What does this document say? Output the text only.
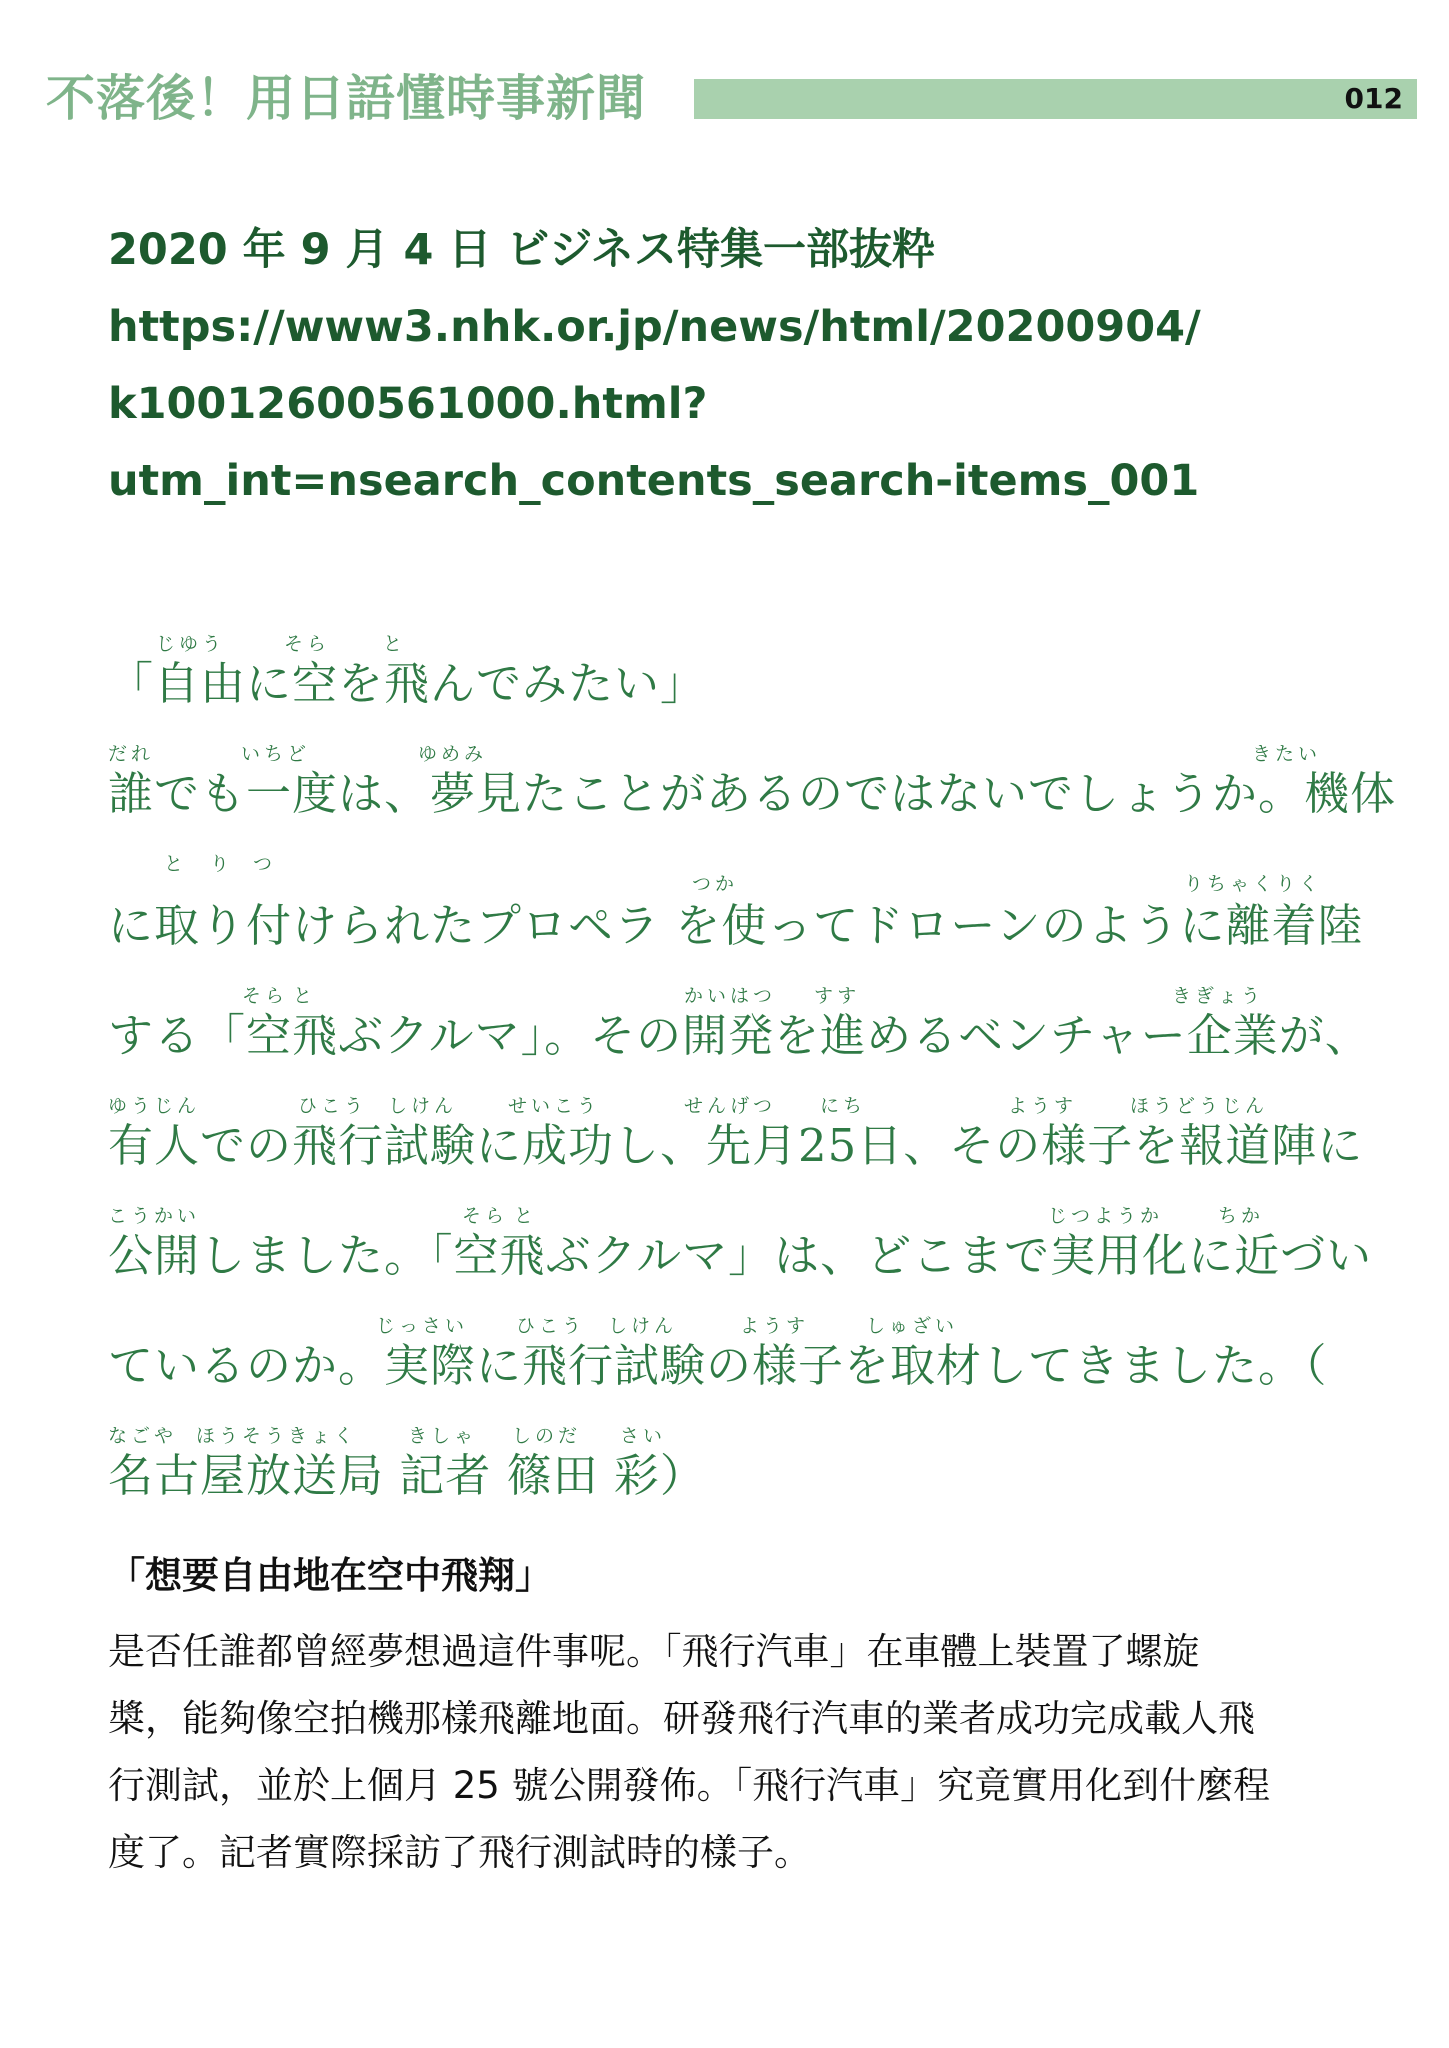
不落後！用日語懂時事新聞	012
2020 年 9 月 4 日 ビジネス特集一部抜粋
https://www3.nhk.or.jp/news/html/20200904/
k10012600561000.html?
utm_int=nsearch_contents_search-items_001
じゆう	そら	と
「自由に空を飛んでみたい」
だれ	いちど	ゆめみ	きたい
誰でも一度は、夢見たことがあるのではないでしょうか。機体
と り つ
つか	りちゃくりく
に取り付けられたプロペラ を使ってドローンのように離着陸
そら と	かいはつ すす	きぎょう
する「空飛ぶクルマ」。その開発を進めるベンチャー企業が、
ゆうじん	ひこう しけん	せいこう	せんげつ にち	ようす	ほうどうじん
有人での飛行試験に成功し、先月25日、その様子を報道陣に
こうかい	そら と	じつようか	ちか
公開しました。「空飛ぶクルマ」は、どこまで実用化に近づい
じっさい	ひこう しけん	ようす	しゅざい
ているのか。実際に飛行試験の様子を取材してきました。（
なごや ほうそうきょく	きしゃ しのだ さい
名古屋放送局 記者 篠田 彩）
「想要自由地在空中飛翔」
是否任誰都曾經夢想過這件事呢。「飛行汽車」在車體上裝置了螺旋
槳，能夠像空拍機那樣飛離地面。研發飛行汽車的業者成功完成載人飛
行測試，並於上個月 25 號公開發佈。「飛行汽車」究竟實用化到什麼程
度了。記者實際採訪了飛行測試時的樣子。
